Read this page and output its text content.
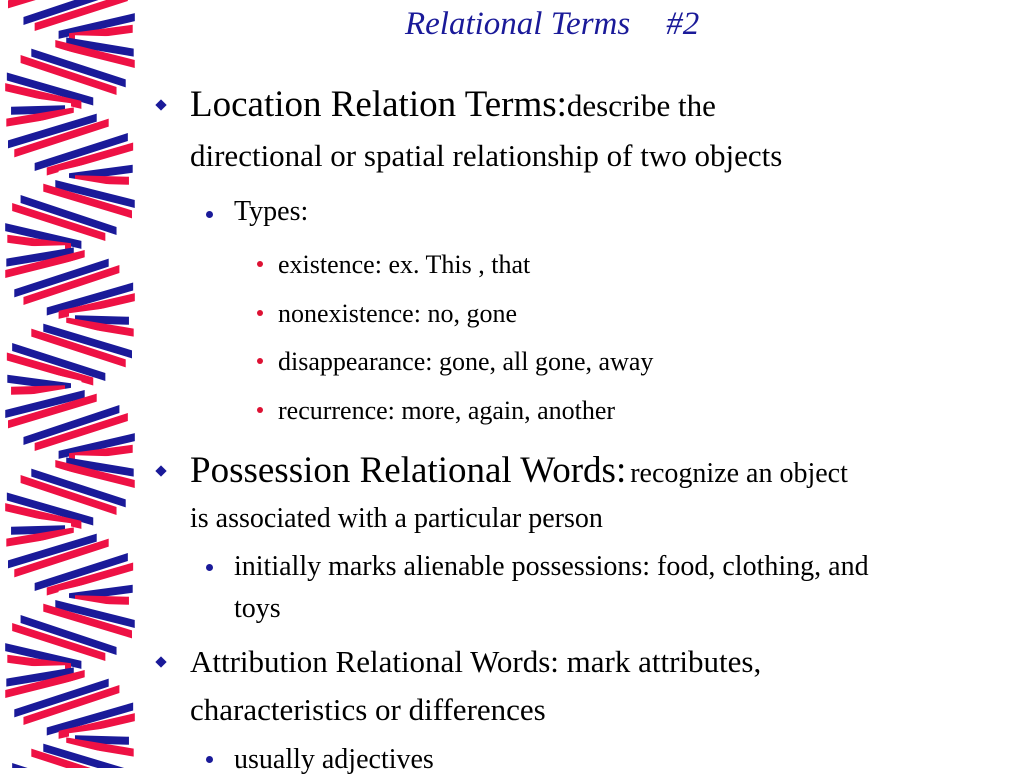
Relational Terms #2
Location Relation Terms:describe the
directional or spatial relationship of two objects
Types:
existence: ex. This , that
nonexistence: no, gone
disappearance: gone, all gone, away
recurrence: more, again, another
Possession Relational Words: recognize an object
is associated with a particular person
initially marks alienable possessions: food, clothing, and
toys
Attribution Relational Words: mark attributes,
characteristics or differences
usually adjectives
